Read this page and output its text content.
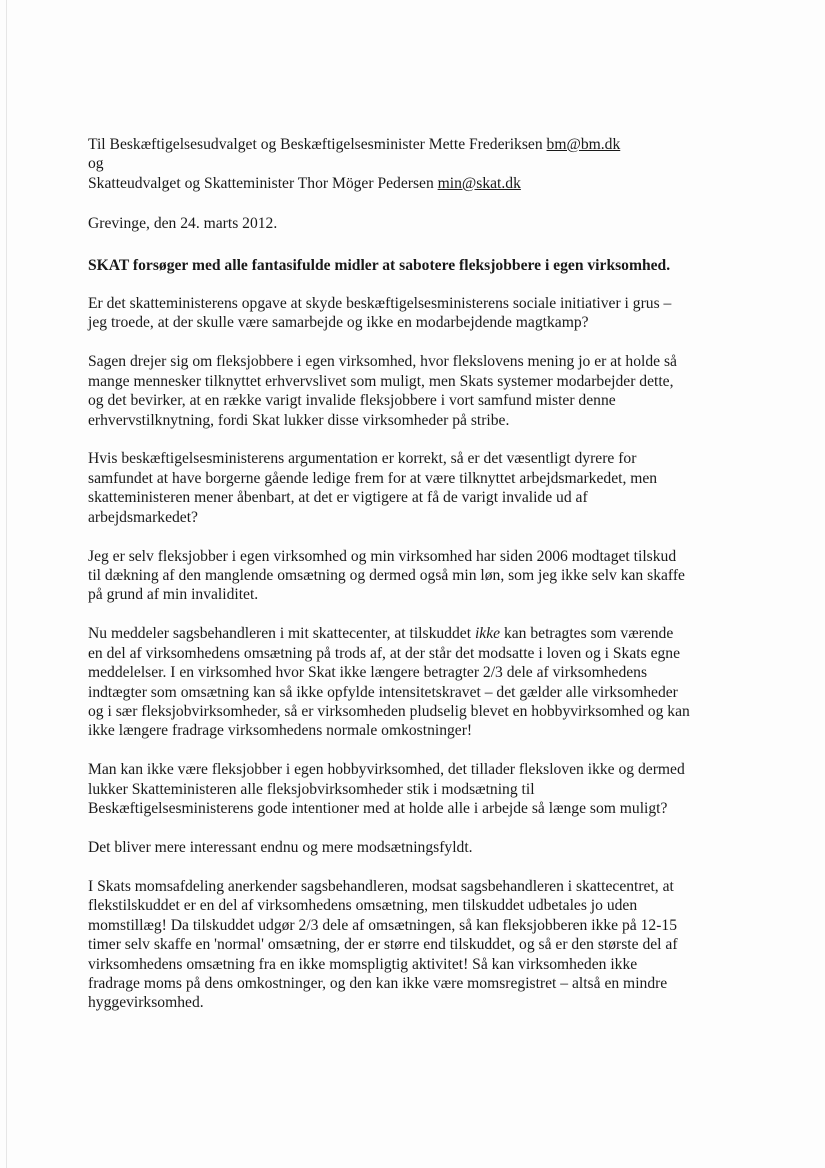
Til Beskæftigelsesudvalget og Beskæftigelsesminister Mette Frederiksen bm@bm.dk
og
Skatteudvalget og Skatteminister Thor Möger Pedersen min@skat.dk
Grevinge, den 24. marts 2012.
SKAT forsøger med alle fantasifulde midler at sabotere fleksjobbere i egen virksomhed.

Er det skatteministerens opgave at skyde beskæftigelsesministerens sociale initiativer i grus –
jeg troede, at der skulle være samarbejde og ikke en modarbejdende magtkamp?

Sagen drejer sig om fleksjobbere i egen virksomhed, hvor flekslovens mening jo er at holde så
mange mennesker tilknyttet erhvervslivet som muligt, men Skats systemer modarbejder dette,
og det bevirker, at en række varigt invalide fleksjobbere i vort samfund mister denne
erhvervstilknytning, fordi Skat lukker disse virksomheder på stribe.

Hvis beskæftigelsesministerens argumentation er korrekt, så er det væsentligt dyrere for
samfundet at have borgerne gående ledige frem for at være tilknyttet arbejdsmarkedet, men
skatteministeren mener åbenbart, at det er vigtigere at få de varigt invalide ud af
arbejdsmarkedet?

Jeg er selv fleksjobber i egen virksomhed og min virksomhed har siden 2006 modtaget tilskud
til dækning af den manglende omsætning og dermed også min løn, som jeg ikke selv kan skaffe
på grund af min invaliditet.

Nu meddeler sagsbehandleren i mit skattecenter, at tilskuddet ikke kan betragtes som værende
en del af virksomhedens omsætning på trods af, at der står det modsatte i loven og i Skats egne
meddelelser. I en virksomhed hvor Skat ikke længere betragter 2/3 dele af virksomhedens
indtægter som omsætning kan så ikke opfylde intensitetskravet – det gælder alle virksomheder
og i sær fleksjobvirksomheder, så er virksomheden pludselig blevet en hobbyvirksomhed og kan
ikke længere fradrage virksomhedens normale omkostninger!

Man kan ikke være fleksjobber i egen hobbyvirksomhed, det tillader fleksloven ikke og dermed
lukker Skatteministeren alle fleksjobvirksomheder stik i modsætning til
Beskæftigelsesministerens gode intentioner med at holde alle i arbejde så længe som muligt?

Det bliver mere interessant endnu og mere modsætningsfyldt.

I Skats momsafdeling anerkender sagsbehandleren, modsat sagsbehandleren i skattecentret, at
flekstilskuddet er en del af virksomhedens omsætning, men tilskuddet udbetales jo uden
momstillæg! Da tilskuddet udgør 2/3 dele af omsætningen, så kan fleksjobberen ikke på 12-15
timer selv skaffe en 'normal' omsætning, der er større end tilskuddet, og så er den største del af
virksomhedens omsætning fra en ikke momspligtig aktivitet! Så kan virksomheden ikke
fradrage moms på dens omkostninger, og den kan ikke være momsregistret – altså en mindre
hyggevirksomhed.
